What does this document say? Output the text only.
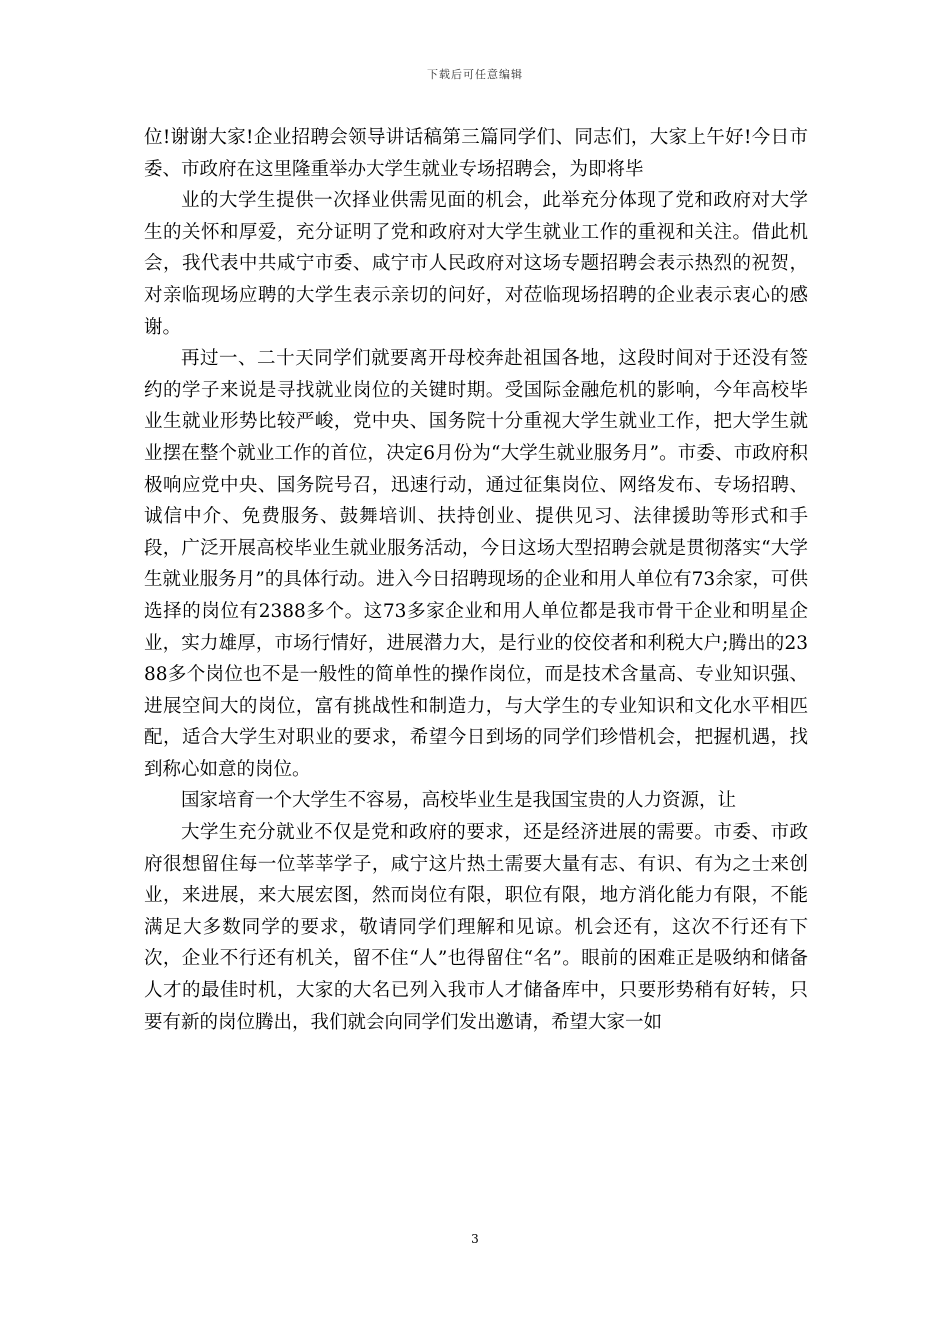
下载后可任意编辑

位!谢谢大家!企业招聘会领导讲话稿第三篇同学们、同志们，大家上午好!今日市委、市政府在这里隆重举办大学生就业专场招聘会，为即将毕

业的大学生提供一次择业供需见面的机会，此举充分体现了党和政府对大学生的关怀和厚爱，充分证明了党和政府对大学生就业工作的重视和关注。借此机会，我代表中共咸宁市委、咸宁市人民政府对这场专题招聘会表示热烈的祝贺，对亲临现场应聘的大学生表示亲切的问好，对莅临现场招聘的企业表示衷心的感谢。

再过一、二十天同学们就要离开母校奔赴祖国各地，这段时间对于还没有签约的学子来说是寻找就业岗位的关键时期。受国际金融危机的影响，今年高校毕业生就业形势比较严峻，党中央、国务院十分重视大学生就业工作，把大学生就业摆在整个就业工作的首位，决定6月份为“大学生就业服务月”。市委、市政府积极响应党中央、国务院号召，迅速行动，通过征集岗位、网络发布、专场招聘、诚信中介、免费服务、鼓舞培训、扶持创业、提供见习、法律援助等形式和手段，广泛开展高校毕业生就业服务活动，今日这场大型招聘会就是贯彻落实“大学生就业服务月”的具体行动。进入今日招聘现场的企业和用人单位有73余家，可供选择的岗位有2388多个。这73多家企业和用人单位都是我市骨干企业和明星企业，实力雄厚，市场行情好，进展潜力大，是行业的佼佼者和利税大户;腾出的2388多个岗位也不是一般性的简单性的操作岗位，而是技术含量高、专业知识强、进展空间大的岗位，富有挑战性和制造力，与大学生的专业知识和文化水平相匹配，适合大学生对职业的要求，希望今日到场的同学们珍惜机会，把握机遇，找到称心如意的岗位。

国家培育一个大学生不容易，高校毕业生是我国宝贵的人力资源，让

大学生充分就业不仅是党和政府的要求，还是经济进展的需要。市委、市政府很想留住每一位莘莘学子，咸宁这片热土需要大量有志、有识、有为之士来创业，来进展，来大展宏图，然而岗位有限，职位有限，地方消化能力有限，不能满足大多数同学的要求，敬请同学们理解和见谅。机会还有，这次不行还有下次，企业不行还有机关，留不住“人”也得留住“名”。眼前的困难正是吸纳和储备人才的最佳时机，大家的大名已列入我市人才储备库中，只要形势稍有好转，只要有新的岗位腾出，我们就会向同学们发出邀请，希望大家一如

3
